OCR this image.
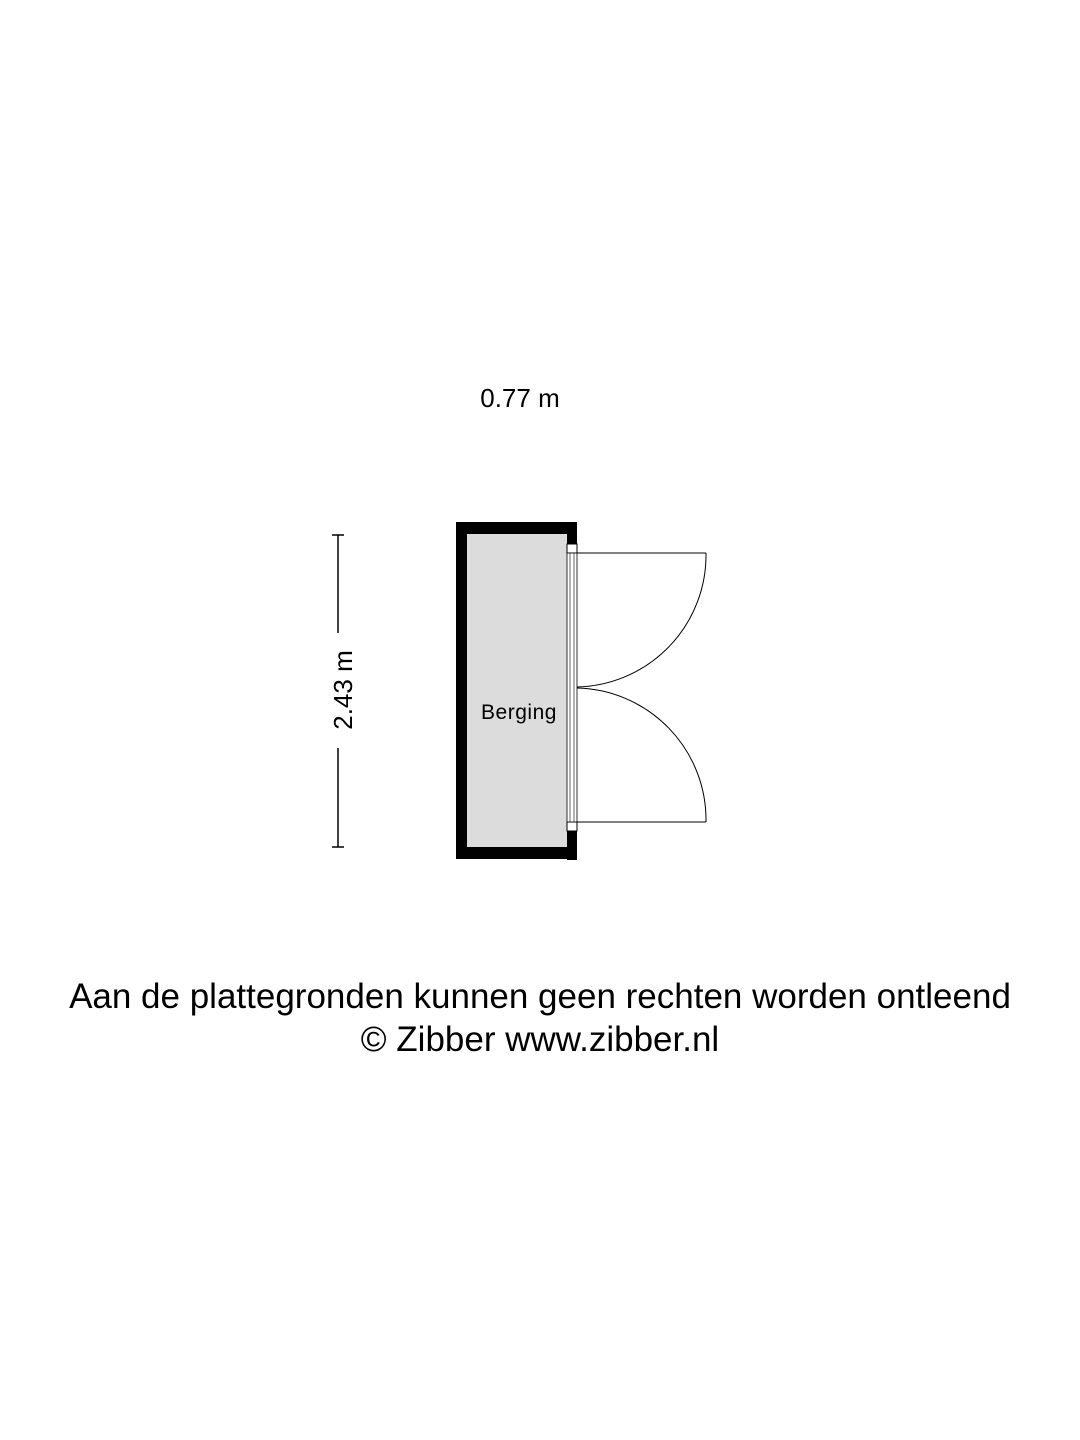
0.77 m
2.43 m	Berging
Aan de plattegronden kunnen geen rechten worden ontleend
© Zibber www.zibber.nl
